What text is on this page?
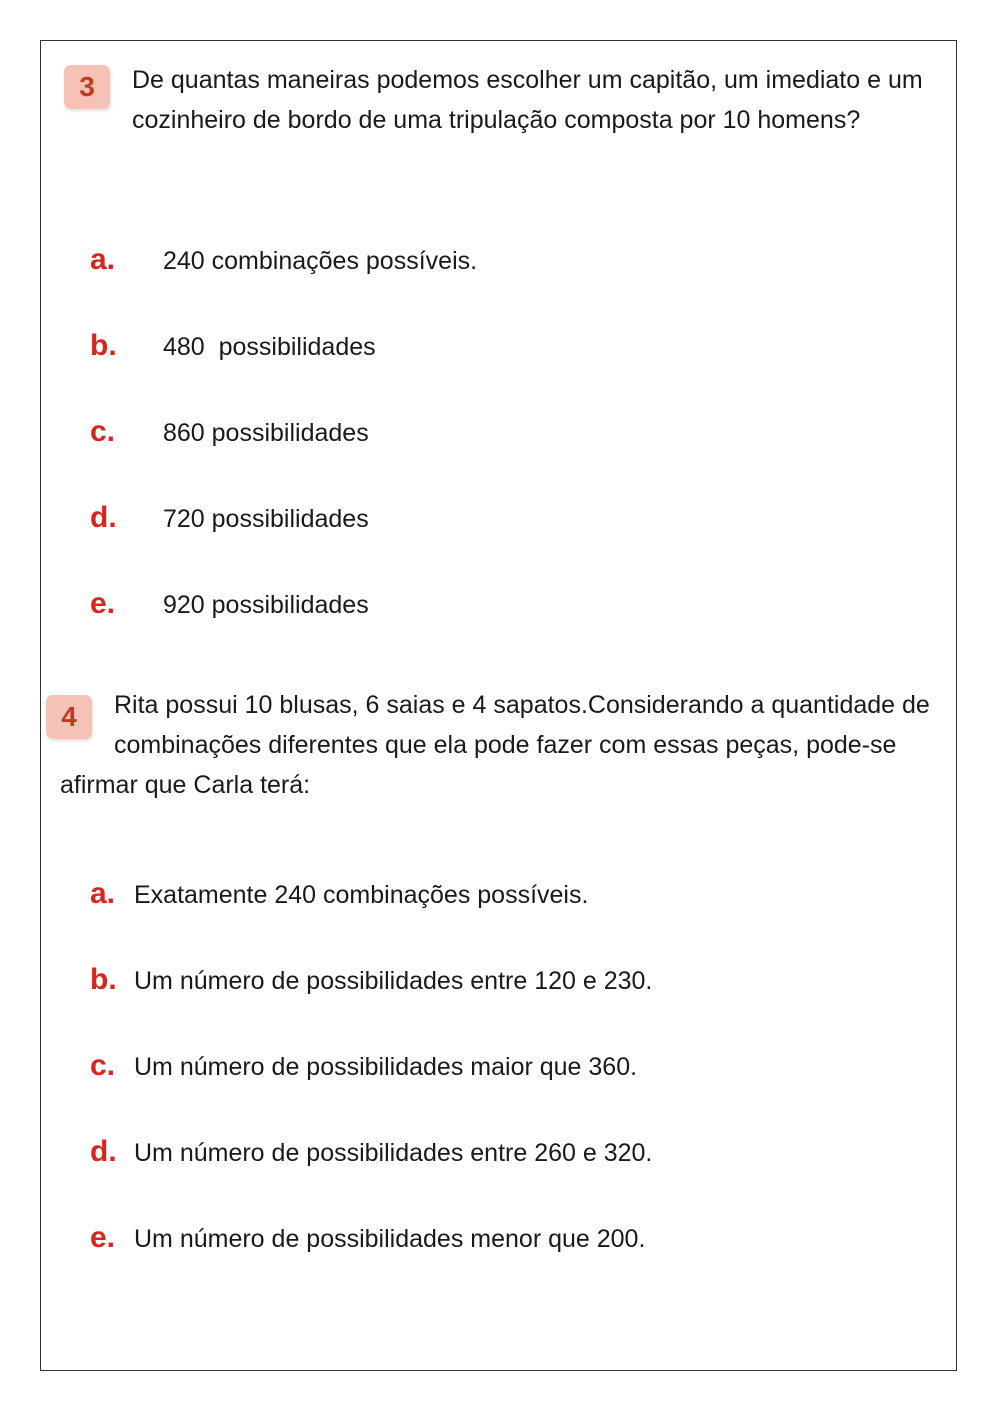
3	De quantas maneiras podemos escolher um capitão, um imediato e um cozinheiro de bordo de uma tripulação composta por 10 homens?

a.	240 combinações possíveis.
b.	480  possibilidades
c.	860 possibilidades
d.	720 possibilidades
e.	920 possibilidades
4	Rita possui 10 blusas, 6 saias e 4 sapatos.Considerando a quantidade de combinações diferentes que ela pode fazer com essas peças, pode-se afirmar que Carla terá:

a. Exatamente 240 combinações possíveis.
b. Um número de possibilidades entre 120 e 230.
c. Um número de possibilidades maior que 360.
d. Um número de possibilidades entre 260 e 320.
e. Um número de possibilidades menor que 200.
